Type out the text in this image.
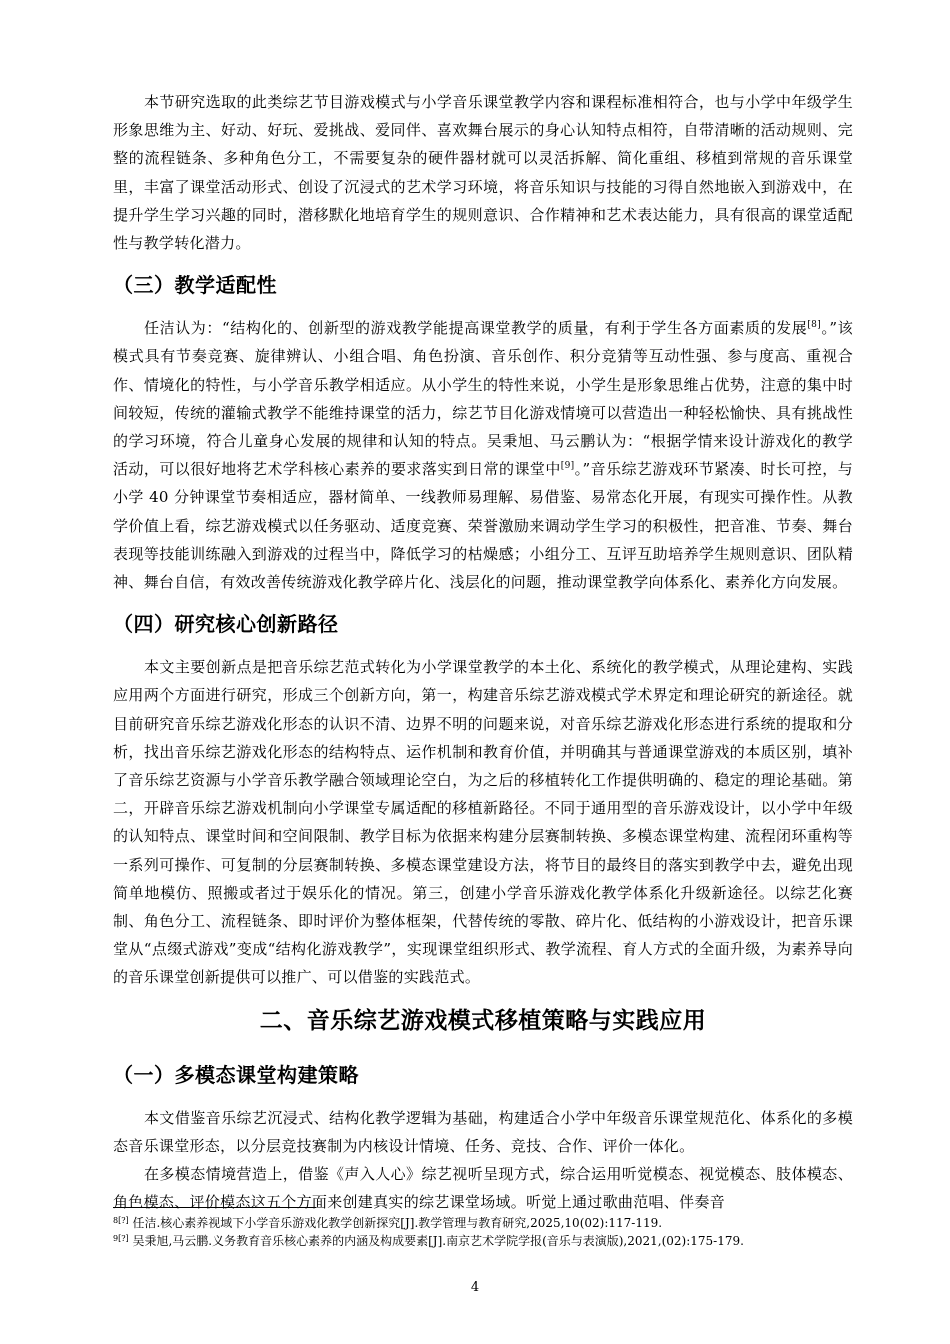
本节研究选取的此类综艺节目游戏模式与小学音乐课堂教学内容和课程标准相符合，也与小学中年级学生形象思维为主、好动、好玩、爱挑战、爱同伴、喜欢舞台展示的身心认知特点相符，自带清晰的活动规则、完整的流程链条、多种角色分工，不需要复杂的硬件器材就可以灵活拆解、简化重组、移植到常规的音乐课堂里，丰富了课堂活动形式、创设了沉浸式的艺术学习环境，将音乐知识与技能的习得自然地嵌入到游戏中，在提升学生学习兴趣的同时，潜移默化地培育学生的规则意识、合作精神和艺术表达能力，具有很高的课堂适配性与教学转化潜力。

（三）教学适配性

任洁认为：“结构化的、创新型的游戏教学能提高课堂教学的质量，有利于学生各方面素质的发展[8]。”该模式具有节奏竞赛、旋律辨认、小组合唱、角色扮演、音乐创作、积分竞猜等互动性强、参与度高、重视合作、情境化的特性，与小学音乐教学相适应。从小学生的特性来说，小学生是形象思维占优势，注意的集中时间较短，传统的灌输式教学不能维持课堂的活力，综艺节目化游戏情境可以营造出一种轻松愉快、具有挑战性的学习环境，符合儿童身心发展的规律和认知的特点。吴秉旭、马云鹏认为：“根据学情来设计游戏化的教学活动，可以很好地将艺术学科核心素养的要求落实到日常的课堂中[9]。”音乐综艺游戏环节紧凑、时长可控，与小学 40 分钟课堂节奏相适应，器材简单、一线教师易理解、易借鉴、易常态化开展，有现实可操作性。从教学价值上看，综艺游戏模式以任务驱动、适度竞赛、荣誉激励来调动学生学习的积极性，把音准、节奏、舞台表现等技能训练融入到游戏的过程当中，降低学习的枯燥感；小组分工、互评互助培养学生规则意识、团队精神、舞台自信，有效改善传统游戏化教学碎片化、浅层化的问题，推动课堂教学向体系化、素养化方向发展。

（四）研究核心创新路径

本文主要创新点是把音乐综艺范式转化为小学课堂教学的本土化、系统化的教学模式，从理论建构、实践应用两个方面进行研究，形成三个创新方向，第一，构建音乐综艺游戏模式学术界定和理论研究的新途径。就目前研究音乐综艺游戏化形态的认识不清、边界不明的问题来说，对音乐综艺游戏化形态进行系统的提取和分析，找出音乐综艺游戏化形态的结构特点、运作机制和教育价值，并明确其与普通课堂游戏的本质区别，填补了音乐综艺资源与小学音乐教学融合领域理论空白，为之后的移植转化工作提供明确的、稳定的理论基础。第二，开辟音乐综艺游戏机制向小学课堂专属适配的移植新路径。不同于通用型的音乐游戏设计，以小学中年级的认知特点、课堂时间和空间限制、教学目标为依据来构建分层赛制转换、多模态课堂构建、流程闭环重构等一系列可操作、可复制的分层赛制转换、多模态课堂建设方法，将节目的最终目的落实到教学中去，避免出现简单地模仿、照搬或者过于娱乐化的情况。第三，创建小学音乐游戏化教学体系化升级新途径。以综艺化赛制、角色分工、流程链条、即时评价为整体框架，代替传统的零散、碎片化、低结构的小游戏设计，把音乐课堂从“点缀式游戏”变成“结构化游戏教学”，实现课堂组织形式、教学流程、育人方式的全面升级，为素养导向的音乐课堂创新提供可以推广、可以借鉴的实践范式。

二、音乐综艺游戏模式移植策略与实践应用
（一）多模态课堂构建策略

本文借鉴音乐综艺沉浸式、结构化教学逻辑为基础，构建适合小学中年级音乐课堂规范化、体系化的多模态音乐课堂形态，以分层竞技赛制为内核设计情境、任务、竞技、合作、评价一体化。

在多模态情境营造上，借鉴《声入人心》综艺视听呈现方式，综合运用听觉模态、视觉模态、肢体模态、角色模态、评价模态这五个方面来创建真实的综艺课堂场域。听觉上通过歌曲范唱、伴奏音

$^{8[?]}$ 任洁.核心素养视域下小学音乐游戏化教学创新探究[J].教学管理与教育研究,2025,10(02):117-119.
$^{9[?]}$ 吴秉旭,马云鹏.义务教育音乐核心素养的内涵及构成要素[J].南京艺术学院学报(音乐与表演版),2021,(02):175-179.
4
